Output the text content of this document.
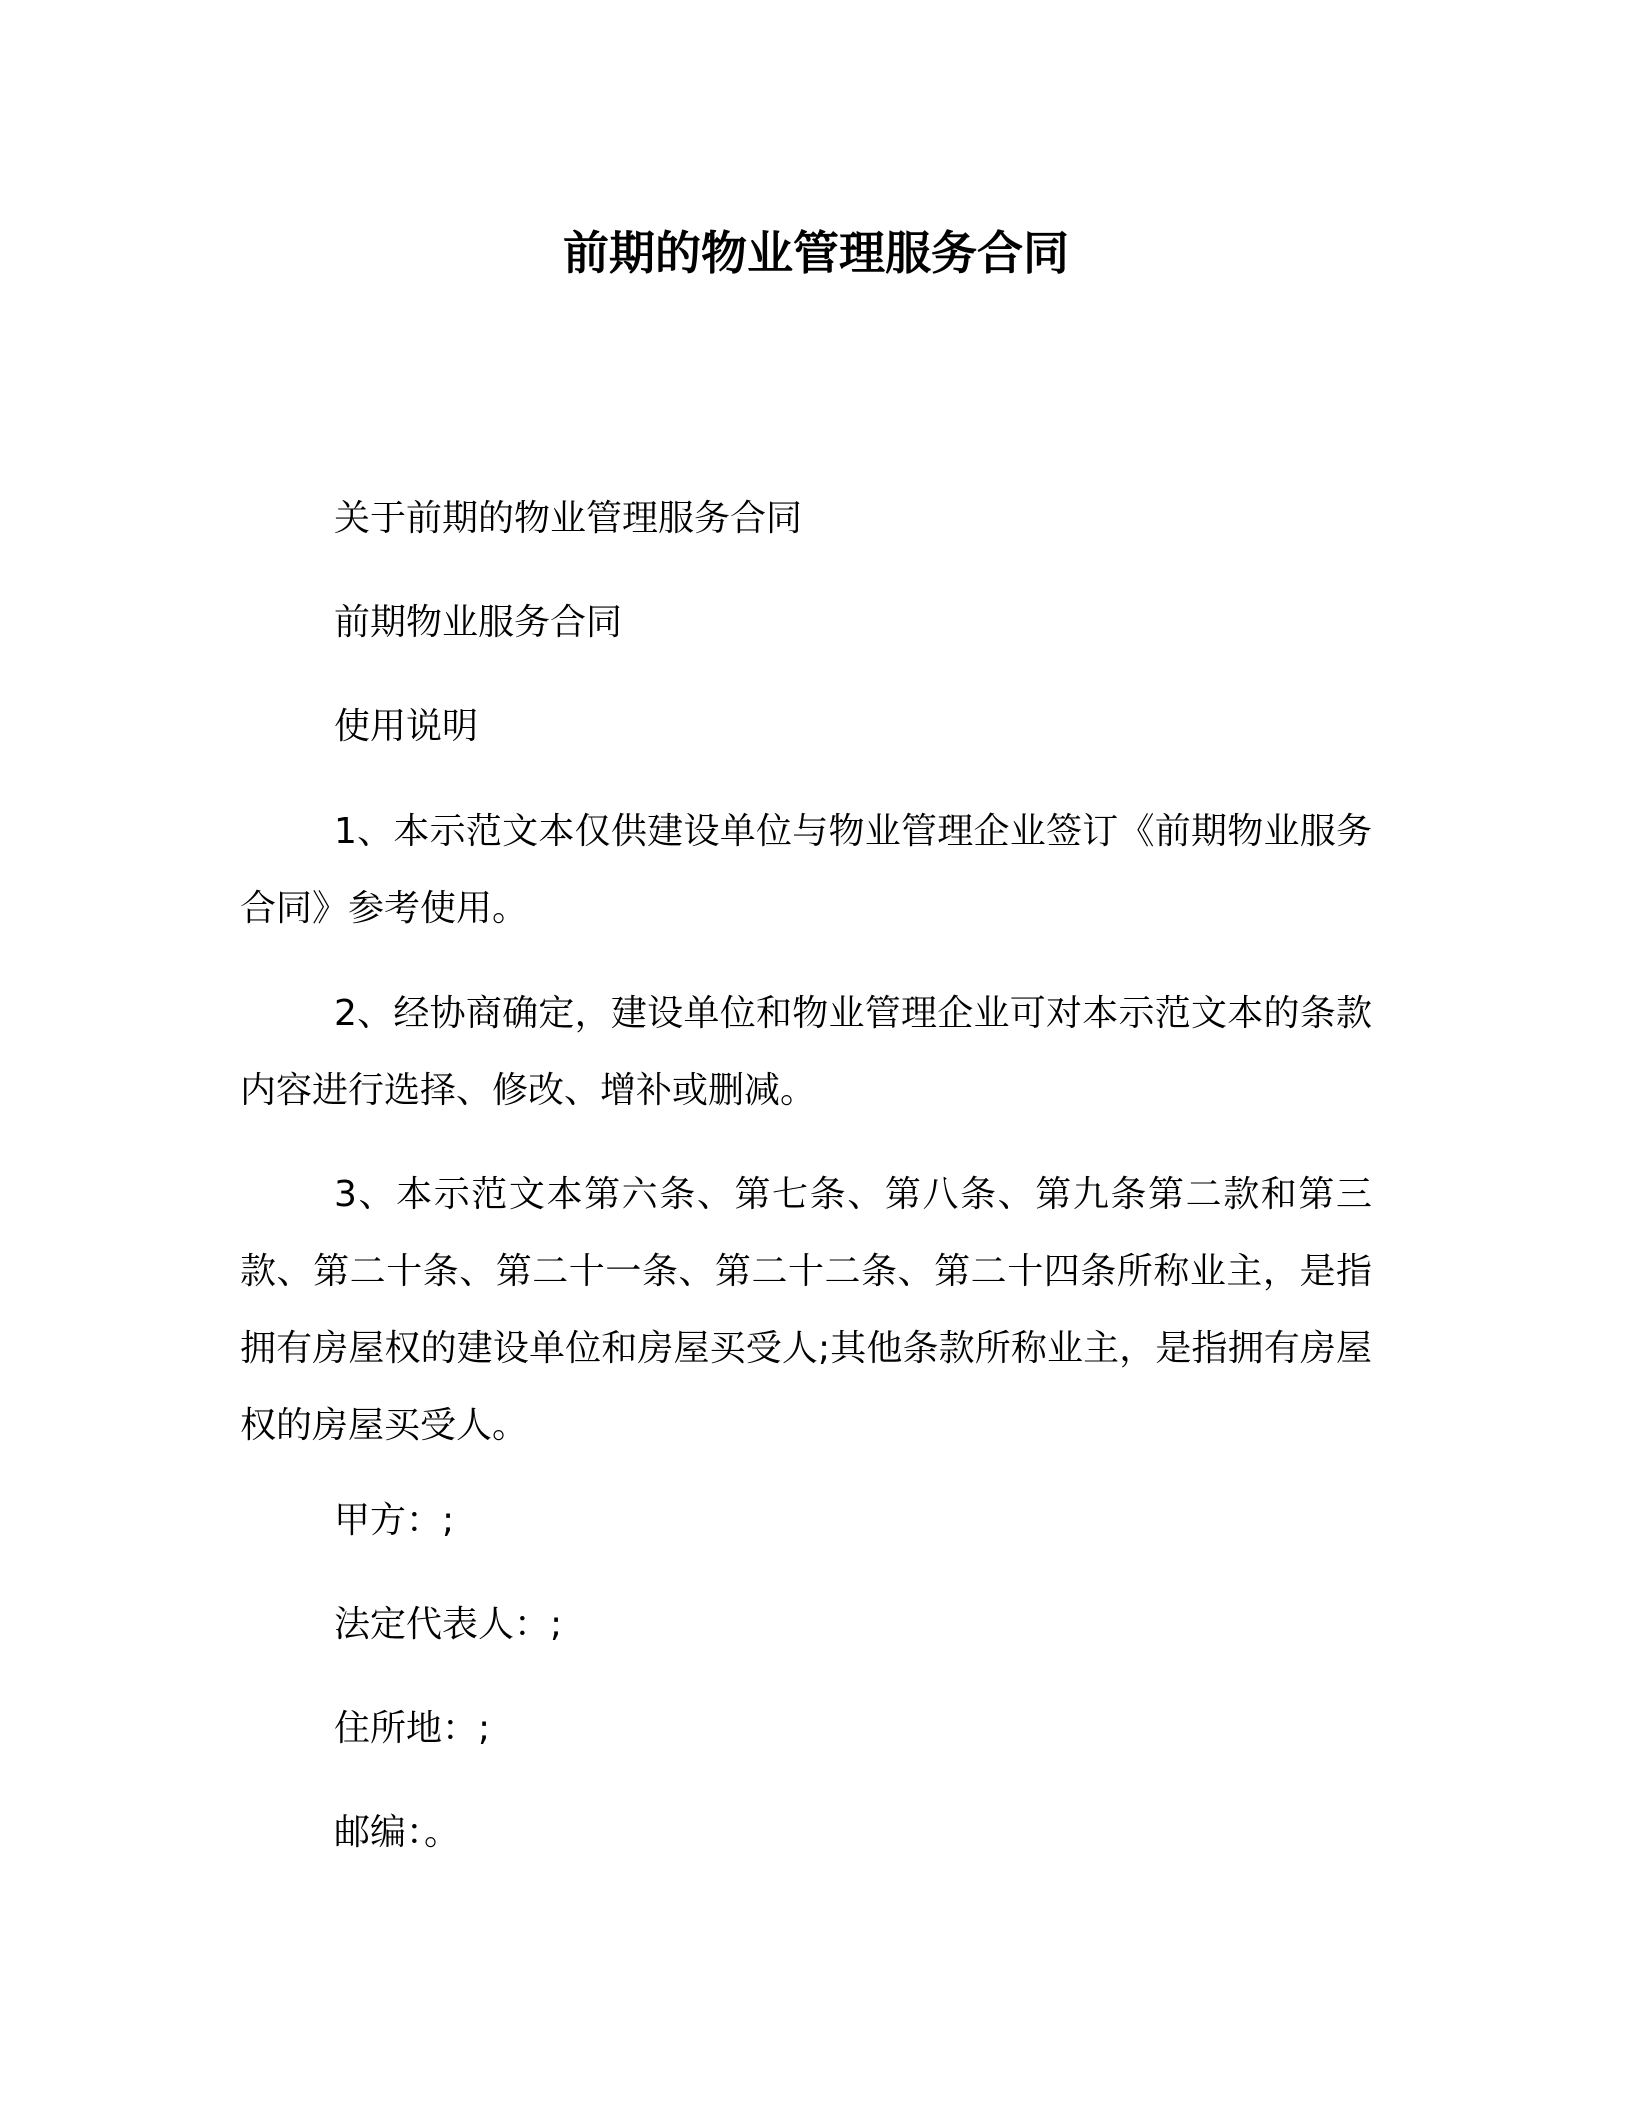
前期的物业管理服务合同
关于前期的物业管理服务合同
前期物业服务合同
使用说明
1、本示范文本仅供建设单位与物业管理企业签订《前期物业服务合同》参考使用。
2、经协商确定，建设单位和物业管理企业可对本示范文本的条款内容进行选择、修改、增补或删减。
3、本示范文本第六条、第七条、第八条、第九条第二款和第三款、第二十条、第二十一条、第二十二条、第二十四条所称业主，是指拥有房屋权的建设单位和房屋买受人;其他条款所称业主，是指拥有房屋权的房屋买受人。
甲方：;
法定代表人：;
住所地：;
邮编：。
